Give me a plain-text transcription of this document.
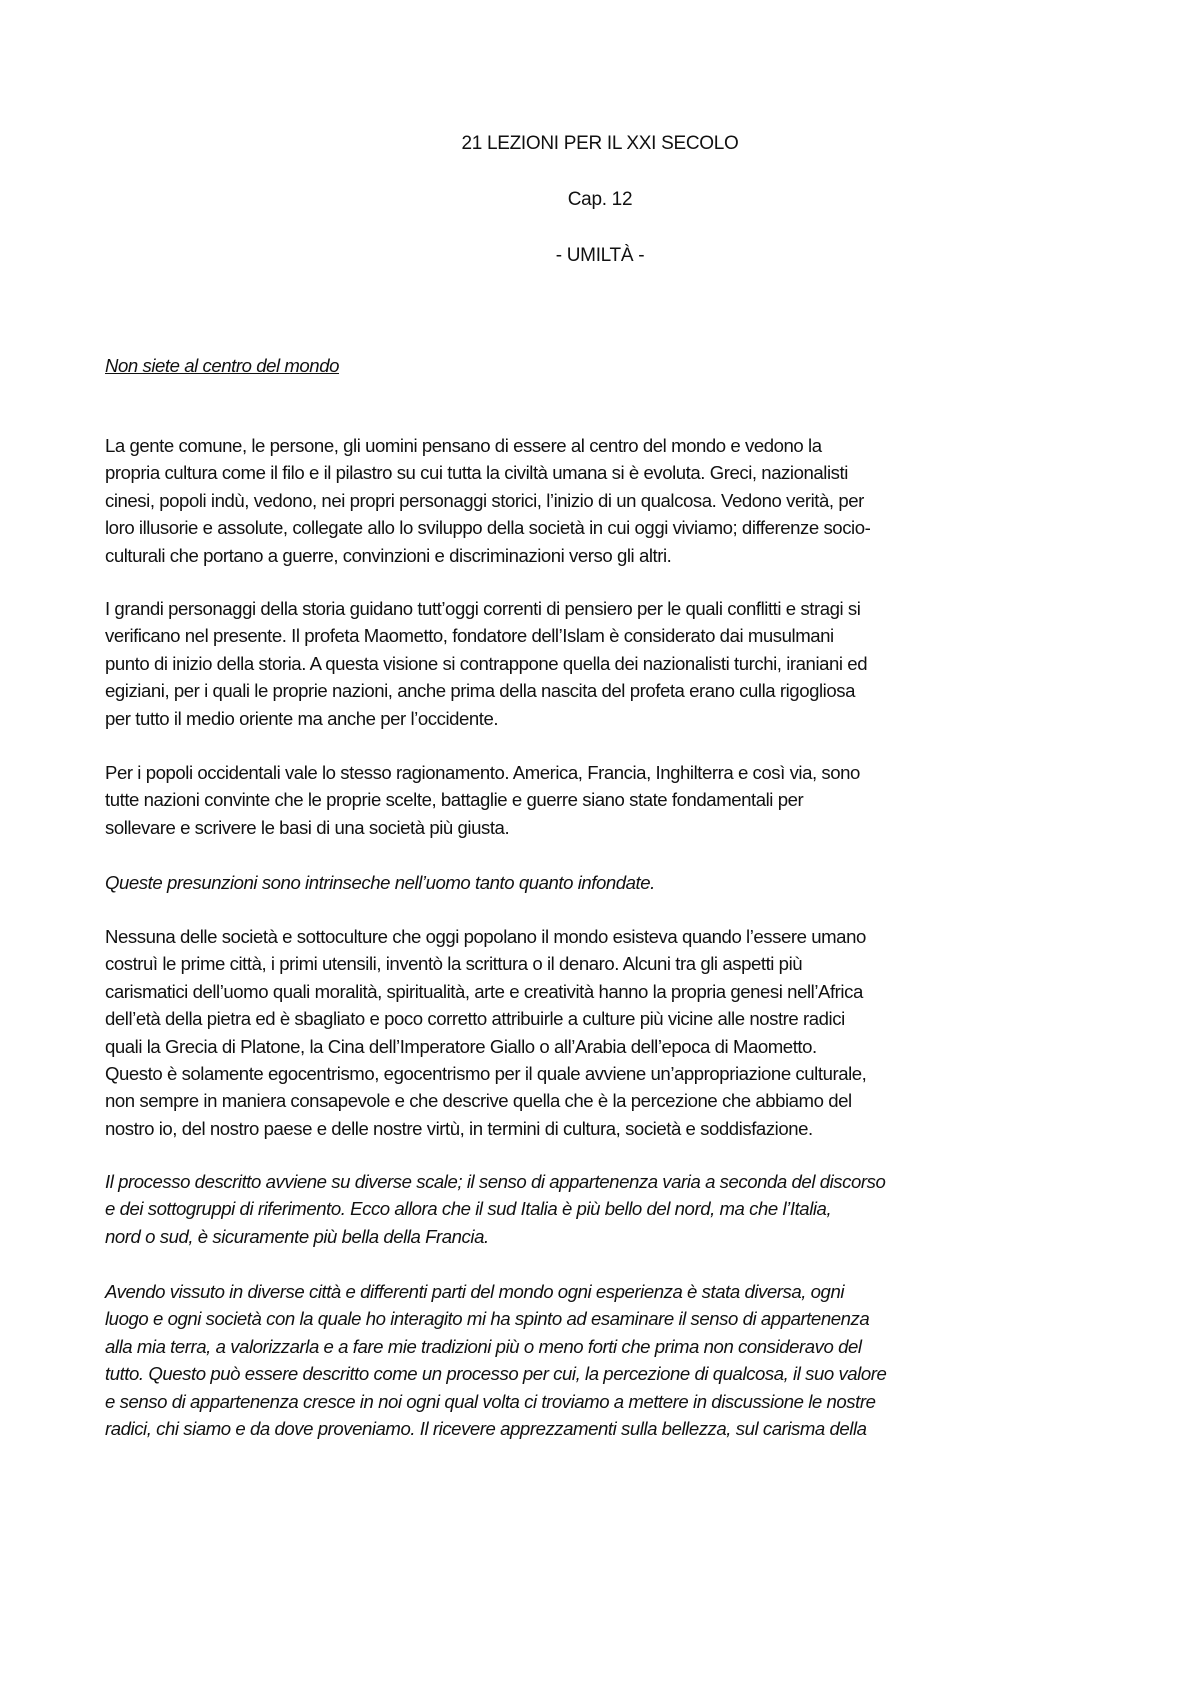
21 LEZIONI PER IL XXI SECOLO
Cap. 12
- UMILTÀ -
Non siete al centro del mondo
La gente comune, le persone, gli uomini pensano di essere al centro del mondo e vedono la
propria cultura come il filo e il pilastro su cui tutta la civiltà umana si è evoluta. Greci, nazionalisti
cinesi, popoli indù, vedono, nei propri personaggi storici, l’inizio di un qualcosa. Vedono verità, per
loro illusorie e assolute, collegate allo lo sviluppo della società in cui oggi viviamo; differenze socio-
culturali che portano a guerre, convinzioni e discriminazioni verso gli altri.
I grandi personaggi della storia guidano tutt’oggi correnti di pensiero per le quali conflitti e stragi si
verificano nel presente. Il profeta Maometto, fondatore dell’Islam è considerato dai musulmani
punto di inizio della storia. A questa visione si contrappone quella dei nazionalisti turchi, iraniani ed
egiziani, per i quali le proprie nazioni, anche prima della nascita del profeta erano culla rigogliosa
per tutto il medio oriente ma anche per l’occidente.
Per i popoli occidentali vale lo stesso ragionamento. America, Francia, Inghilterra e così via, sono
tutte nazioni convinte che le proprie scelte, battaglie e guerre siano state fondamentali per
sollevare e scrivere le basi di una società più giusta.
Queste presunzioni sono intrinseche nell’uomo tanto quanto infondate.
Nessuna delle società e sottoculture che oggi popolano il mondo esisteva quando l’essere umano
costruì le prime città, i primi utensili, inventò la scrittura o il denaro. Alcuni tra gli aspetti più
carismatici dell’uomo quali moralità, spiritualità, arte e creatività hanno la propria genesi nell’Africa
dell’età della pietra ed è sbagliato e poco corretto attribuirle a culture più vicine alle nostre radici
quali la Grecia di Platone, la Cina dell’Imperatore Giallo o all’Arabia dell’epoca di Maometto.
Questo è solamente egocentrismo, egocentrismo per il quale avviene un’appropriazione culturale,
non sempre in maniera consapevole e che descrive quella che è la percezione che abbiamo del
nostro io, del nostro paese e delle nostre virtù, in termini di cultura, società e soddisfazione.
Il processo descritto avviene su diverse scale; il senso di appartenenza varia a seconda del discorso
e dei sottogruppi di riferimento. Ecco allora che il sud Italia è più bello del nord, ma che l’Italia,
nord o sud, è sicuramente più bella della Francia.
Avendo vissuto in diverse città e differenti parti del mondo ogni esperienza è stata diversa, ogni
luogo e ogni società con la quale ho interagito mi ha spinto ad esaminare il senso di appartenenza
alla mia terra, a valorizzarla e a fare mie tradizioni più o meno forti che prima non consideravo del
tutto. Questo può essere descritto come un processo per cui, la percezione di qualcosa, il suo valore
e senso di appartenenza cresce in noi ogni qual volta ci troviamo a mettere in discussione le nostre
radici, chi siamo e da dove proveniamo. Il ricevere apprezzamenti sulla bellezza, sul carisma della
